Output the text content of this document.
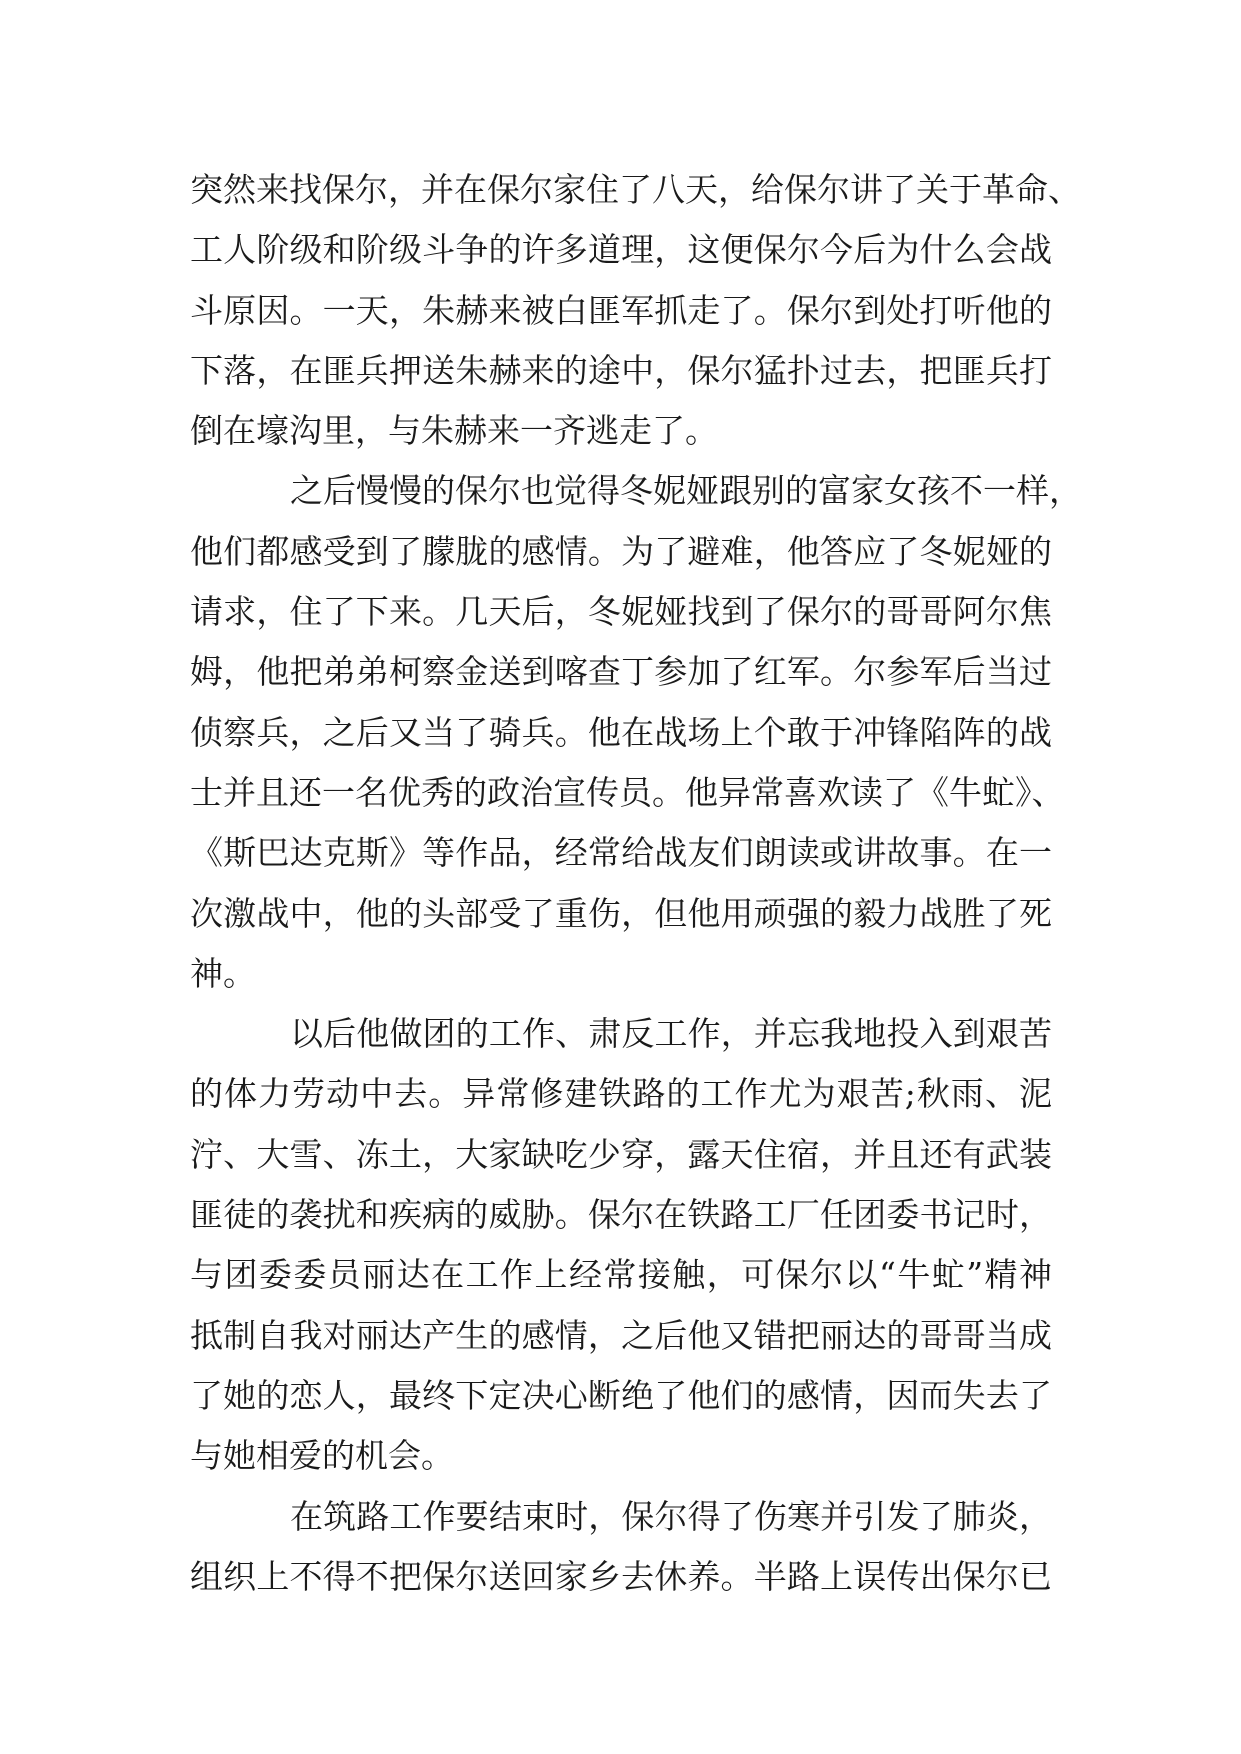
突然来找保尔，并在保尔家住了八天，给保尔讲了关于革命、
工人阶级和阶级斗争的许多道理，这便保尔今后为什么会战
斗原因。一天，朱赫来被白匪军抓走了。保尔到处打听他的
下落，在匪兵押送朱赫来的途中，保尔猛扑过去，把匪兵打
倒在壕沟里，与朱赫来一齐逃走了。
之后慢慢的保尔也觉得冬妮娅跟别的富家女孩不一样，
他们都感受到了朦胧的感情。为了避难，他答应了冬妮娅的
请求，住了下来。几天后，冬妮娅找到了保尔的哥哥阿尔焦
姆，他把弟弟柯察金送到喀查丁参加了红军。尔参军后当过
侦察兵，之后又当了骑兵。他在战场上个敢于冲锋陷阵的战
士并且还一名优秀的政治宣传员。他异常喜欢读了《牛虻》、
《斯巴达克斯》等作品，经常给战友们朗读或讲故事。在一
次激战中，他的头部受了重伤，但他用顽强的毅力战胜了死
神。
以后他做团的工作、肃反工作，并忘我地投入到艰苦
的体力劳动中去。异常修建铁路的工作尤为艰苦;秋雨、泥
泞、大雪、冻土，大家缺吃少穿，露天住宿，并且还有武装
匪徒的袭扰和疾病的威胁。保尔在铁路工厂任团委书记时，
与团委委员丽达在工作上经常接触，可保尔以“牛虻”精神
抵制自我对丽达产生的感情，之后他又错把丽达的哥哥当成
了她的恋人，最终下定决心断绝了他们的感情，因而失去了
与她相爱的机会。
在筑路工作要结束时，保尔得了伤寒并引发了肺炎，
组织上不得不把保尔送回家乡去休养。半路上误传出保尔已
